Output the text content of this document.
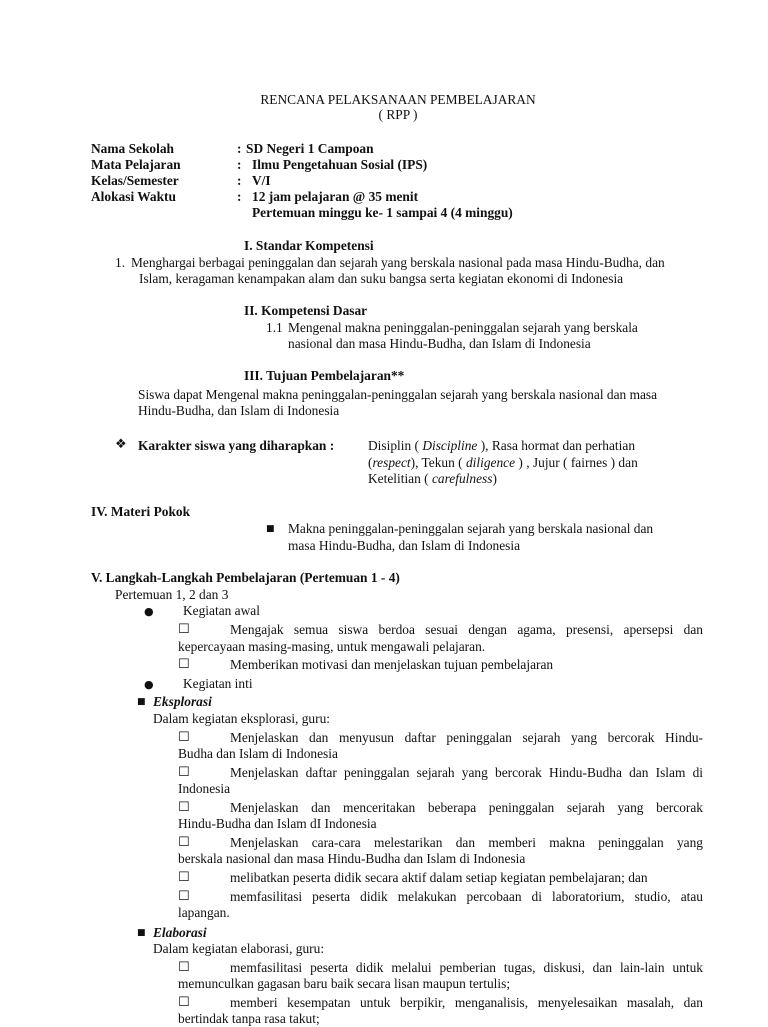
RENCANA PELAKSANAAN PEMBELAJARAN
( RPP )
Nama Sekolah	: SD Negeri 1 Campoan
Mata Pelajaran	: Ilmu Pengetahuan Sosial (IPS)
Kelas/Semester	: V/I
Alokasi Waktu	: 12 jam pelajaran @ 35 menit
Pertemuan minggu ke- 1 sampai 4 (4 minggu)
I. Standar Kompetensi
1. Menghargai berbagai peninggalan dan sejarah yang berskala nasional pada masa Hindu-Budha, dan
Islam, keragaman kenampakan alam dan suku bangsa serta kegiatan ekonomi di Indonesia
II. Kompetensi Dasar
1.1 Mengenal makna peninggalan-peninggalan sejarah yang berskala
nasional dan masa Hindu-Budha, dan Islam di Indonesia
III. Tujuan Pembelajaran**
Siswa dapat Mengenal makna peninggalan-peninggalan sejarah yang berskala nasional dan masa
Hindu-Budha, dan Islam di Indonesia
❖ Karakter siswa yang diharapkan :	Disiplin ( Discipline ), Rasa hormat dan perhatian
(respect), Tekun ( diligence ) , Jujur ( fairnes ) dan
Ketelitian ( carefulness)
IV. Materi Pokok
■ Makna peninggalan-peninggalan sejarah yang berskala nasional dan
masa Hindu-Budha, dan Islam di Indonesia
V. Langkah-Langkah Pembelajaran (Pertemuan 1 - 4)
Pertemuan 1, 2 dan 3
● Kegiatan awal
☐	Mengajak semua siswa berdoa sesuai dengan agama, presensi, apersepsi dan
kepercayaan masing-masing, untuk mengawali pelajaran.
☐	Memberikan motivasi dan menjelaskan tujuan pembelajaran
● Kegiatan inti
■ Eksplorasi
Dalam kegiatan eksplorasi, guru:
☐	Menjelaskan dan menyusun daftar peninggalan sejarah yang bercorak Hindu-
Budha dan Islam di Indonesia
☐	Menjelaskan daftar peninggalan sejarah yang bercorak Hindu-Budha dan Islam di
Indonesia
☐	Menjelaskan dan menceritakan beberapa peninggalan sejarah yang bercorak
Hindu-Budha dan Islam dI Indonesia
☐	Menjelaskan cara-cara melestarikan dan memberi makna peninggalan yang
berskala nasional dan masa Hindu-Budha dan Islam di Indonesia
☐	melibatkan peserta didik secara aktif dalam setiap kegiatan pembelajaran; dan
☐	memfasilitasi peserta didik melakukan percobaan di laboratorium, studio, atau
lapangan.
■ Elaborasi
Dalam kegiatan elaborasi, guru:
☐	memfasilitasi peserta didik melalui pemberian tugas, diskusi, dan lain-lain untuk
memunculkan gagasan baru baik secara lisan maupun tertulis;
☐	memberi kesempatan untuk berpikir, menganalisis, menyelesaikan masalah, dan
bertindak tanpa rasa takut;
